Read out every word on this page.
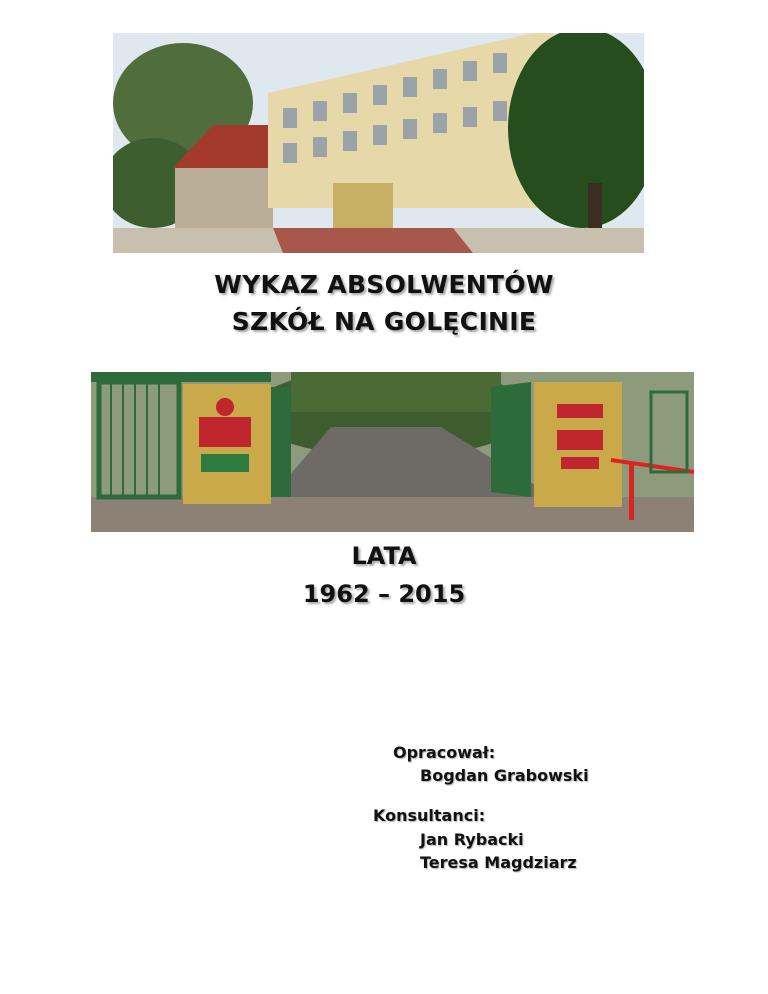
WYKAZ ABSOLWENTÓW
SZKÓŁ NA GOLĘCINIE
LATA
1962 – 2015
Opracował:
Bogdan Grabowski
Konsultanci:
Jan Rybacki
Teresa Magdziarz
